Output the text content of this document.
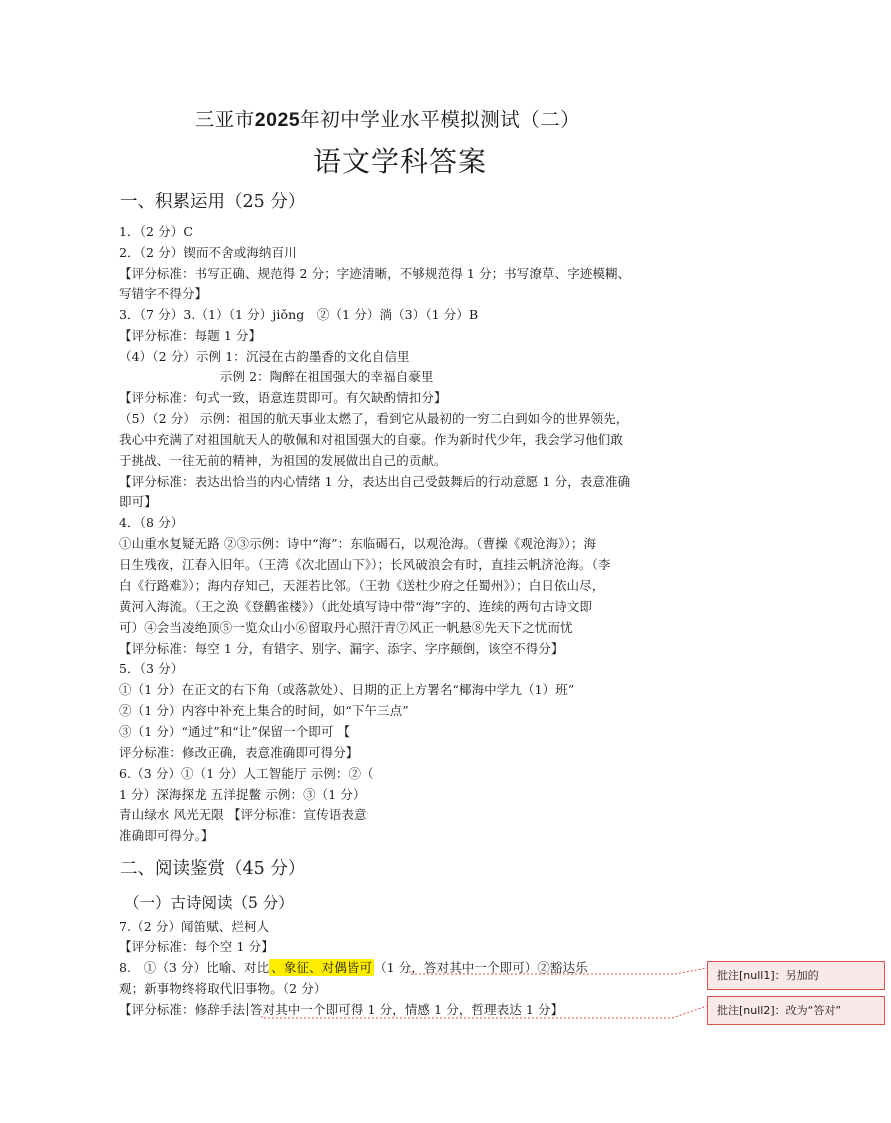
三亚市2025年初中学业水平模拟测试（二）
语文学科答案
一、积累运用（25 分）
1．（2 分）C
2．（2 分）锲而不舍或海纳百川
【评分标准：书写正确、规范得 2 分；字迹清晰，不够规范得 1 分；书写潦草、字迹模糊、
写错字不得分】
3．（7 分）3.（1）（1 分）jiǒng　②（1 分）淌（3）（1 分）B
【评分标准：每题 1 分】
（4）（2 分）示例 1：沉浸在古韵墨香的文化自信里
　　　　　　　　示例 2：陶醉在祖国强大的幸福自豪里
【评分标准：句式一致，语意连贯即可。有欠缺酌情扣分】
（5）（2 分） 示例：祖国的航天事业太燃了，看到它从最初的一穷二白到如今的世界领先，
我心中充满了对祖国航天人的敬佩和对祖国强大的自豪。作为新时代少年，我会学习他们敢
于挑战、一往无前的精神，为祖国的发展做出自己的贡献。
【评分标准：表达出恰当的内心情绪 1 分，表达出自己受鼓舞后的行动意愿 1 分，表意准确
即可】
4．（8 分）
①山重水复疑无路 ②③示例：诗中“海”：东临碣石，以观沧海。（曹操《观沧海》）；海
日生残夜，江春入旧年。（王湾《次北固山下》）；长风破浪会有时，直挂云帆济沧海。（李
白《行路难》）；海内存知己，天涯若比邻。（王勃《送杜少府之任蜀州》）；白日依山尽，
黄河入海流。（王之涣《登鹳雀楼》）（此处填写诗中带“海”字的、连续的两句古诗文即
可）④会当凌绝顶⑤一览众山小⑥留取丹心照汗青⑦风正一帆悬⑧先天下之忧而忧
【评分标准：每空 1 分，有错字、别字、漏字、添字、字序颠倒，该空不得分】
5．（3 分）
①（1 分）在正文的右下角（或落款处）、日期的正上方署名“椰海中学九（1）班”
②（1 分）内容中补充上集合的时间，如“下午三点”
③（1 分）“通过”和“让”保留一个即可 【
评分标准：修改正确，表意准确即可得分】
6.（3 分）①（1 分）人工智能厅 示例：②（
1 分）深海探龙 五洋捉鳖 示例：③（1 分）
青山绿水 风光无限 【评分标准：宣传语表意
准确即可得分。】
二、阅读鉴赏（45 分）
（一）古诗阅读（5 分）
7.（2 分）闻笛赋、烂柯人
【评分标准：每个空 1 分】
8.　①（3 分）比喻、对比 、象征、对偶皆可 （1 分，答对其中一个即可）②豁达乐
观；新事物终将取代旧事物。（2 分）
【评分标准：修辞手法 答对其中一个即可得 1 分，情感 1 分，哲理表达 1 分】
批注[null1]：另加的
批注[null2]：改为“答对”
